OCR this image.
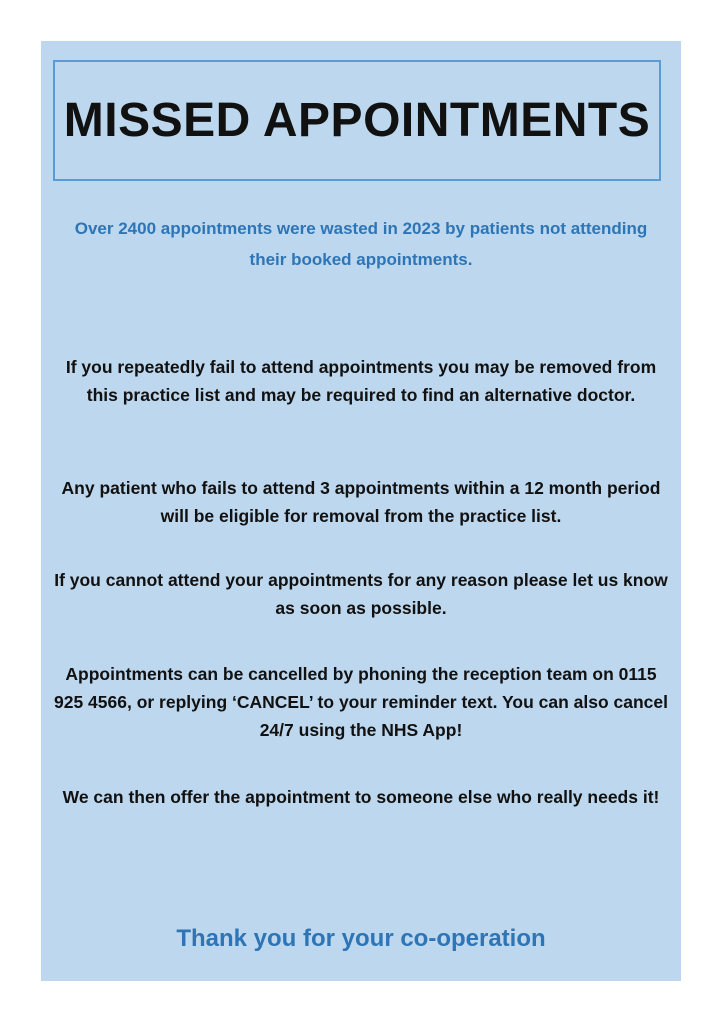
MISSED APPOINTMENTS

Over 2400 appointments were wasted in 2023 by patients not attending their booked appointments.

If you repeatedly fail to attend appointments you may be removed from this practice list and may be required to find an alternative doctor.

Any patient who fails to attend 3 appointments within a 12 month period will be eligible for removal from the practice list.

If you cannot attend your appointments for any reason please let us know as soon as possible.

Appointments can be cancelled by phoning the reception team on 0115 925 4566, or replying ‘CANCEL’ to your reminder text. You can also cancel 24/7 using the NHS App!

We can then offer the appointment to someone else who really needs it!

Thank you for your co-operation
